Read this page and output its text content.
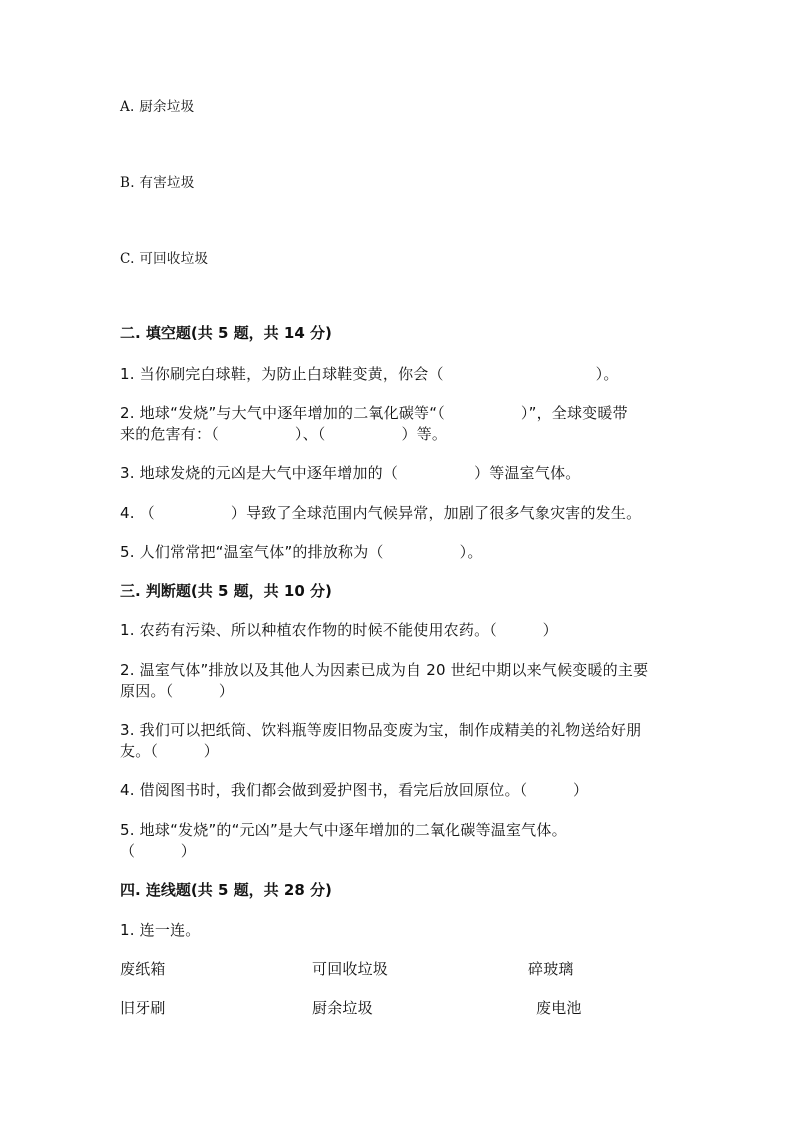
A. 厨余垃圾
B. 有害垃圾
C. 可回收垃圾
二. 填空题(共 5 题，共 14 分)
1. 当你刷完白球鞋，为防止白球鞋变黄，你会（　　　　　　　　　　）。
2. 地球“发烧”与大气中逐年增加的二氧化碳等“（　　　　　）”，全球变暖带
来的危害有：（　　　　　）、（　　　　　）等。
3. 地球发烧的元凶是大气中逐年增加的（　　　　　）等温室气体。
4. （　　　　　）导致了全球范围内气候异常，加剧了很多气象灾害的发生。
5. 人们常常把“温室气体”的排放称为（　　　　　）。
三. 判断题(共 5 题，共 10 分)
1. 农药有污染、所以种植农作物的时候不能使用农药。（　　　）
2. 温室气体”排放以及其他人为因素已成为自 20 世纪中期以来气候变暖的主要
原因。（　　　）
3. 我们可以把纸筒、饮料瓶等废旧物品变废为宝，制作成精美的礼物送给好朋
友。（　　　）
4. 借阅图书时，我们都会做到爱护图书，看完后放回原位。（　　　）
5. 地球“发烧”的“元凶”是大气中逐年增加的二氧化碳等温室气体。
（　　　）
四. 连线题(共 5 题，共 28 分)
1. 连一连。
废纸箱	可回收垃圾	碎玻璃
旧牙刷	厨余垃圾	废电池
